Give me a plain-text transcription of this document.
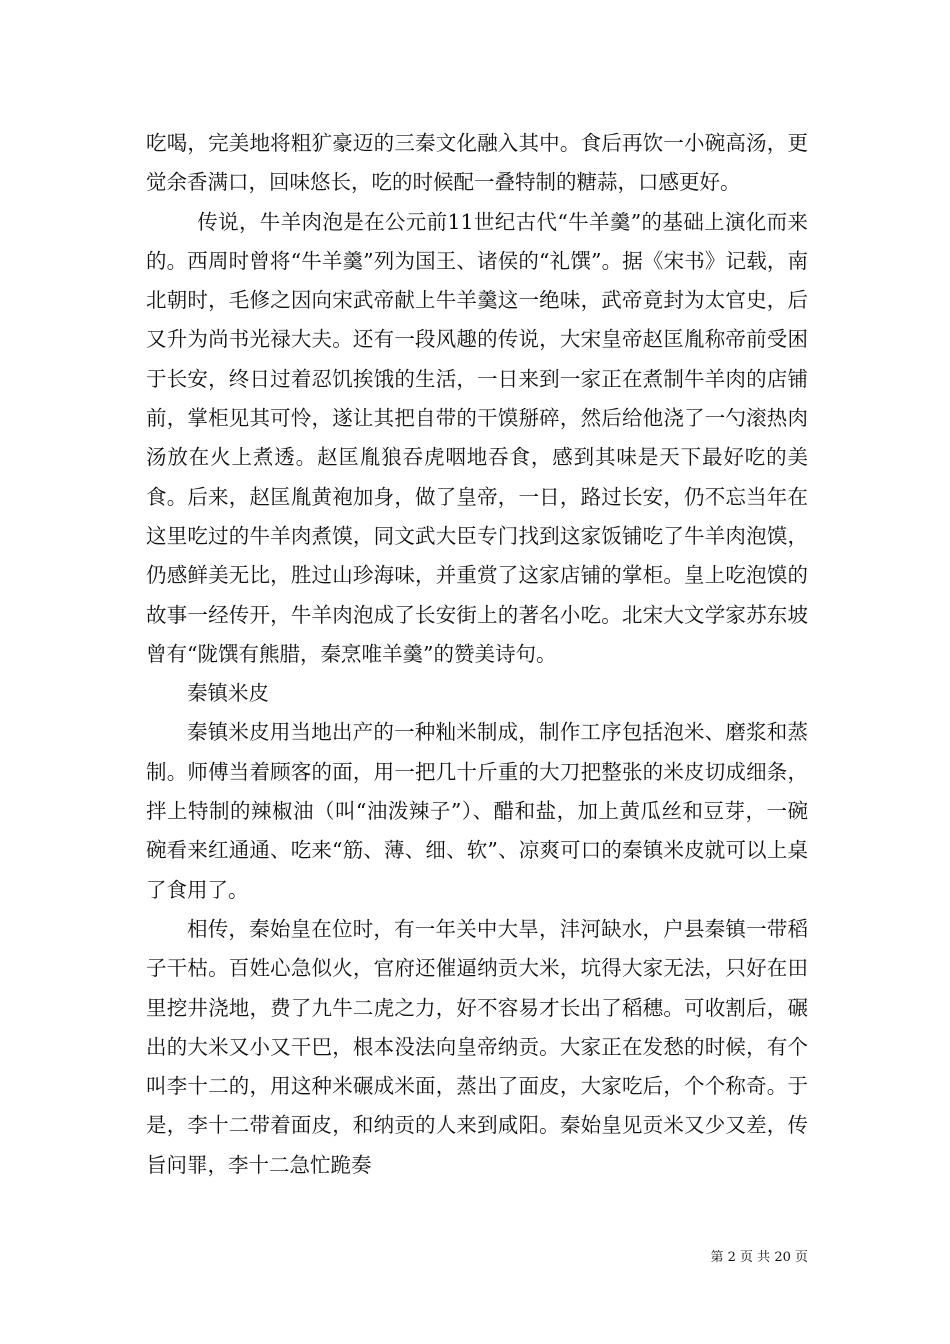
吃喝，完美地将粗犷豪迈的三秦文化融入其中。食后再饮一小碗高汤，更觉余香满口，回味悠长，吃的时候配一叠特制的糖蒜，口感更好。

传说，牛羊肉泡是在公元前11世纪古代“牛羊羹”的基础上演化而来的。西周时曾将“牛羊羹”列为国王、诸侯的“礼馔”。据《宋书》记载，南北朝时，毛修之因向宋武帝献上牛羊羹这一绝味，武帝竟封为太官史，后又升为尚书光禄大夫。还有一段风趣的传说，大宋皇帝赵匡胤称帝前受困于长安，终日过着忍饥挨饿的生活，一日来到一家正在煮制牛羊肉的店铺前，掌柜见其可怜，遂让其把自带的干馍掰碎，然后给他浇了一勺滚热肉汤放在火上煮透。赵匡胤狼吞虎咽地吞食，感到其味是天下最好吃的美食。后来，赵匡胤黄袍加身，做了皇帝，一日，路过长安，仍不忘当年在这里吃过的牛羊肉煮馍，同文武大臣专门找到这家饭铺吃了牛羊肉泡馍，仍感鲜美无比，胜过山珍海味，并重赏了这家店铺的掌柜。皇上吃泡馍的故事一经传开，牛羊肉泡成了长安街上的著名小吃。北宋大文学家苏东坡曾有“陇馔有熊腊，秦烹唯羊羹”的赞美诗句。

秦镇米皮

秦镇米皮用当地出产的一种籼米制成，制作工序包括泡米、磨浆和蒸制。师傅当着顾客的面，用一把几十斤重的大刀把整张的米皮切成细条，拌上特制的辣椒油（叫“油泼辣子”）、醋和盐，加上黄瓜丝和豆芽，一碗碗看来红通通、吃来“筋、薄、细、软”、凉爽可口的秦镇米皮就可以上桌了食用了。

相传，秦始皇在位时，有一年关中大旱，沣河缺水，户县秦镇一带稻子干枯。百姓心急似火，官府还催逼纳贡大米，坑得大家无法，只好在田里挖井浇地，费了九牛二虎之力，好不容易才长出了稻穗。可收割后，碾出的大米又小又干巴，根本没法向皇帝纳贡。大家正在发愁的时候，有个叫李十二的，用这种米碾成米面，蒸出了面皮，大家吃后，个个称奇。于是，李十二带着面皮，和纳贡的人来到咸阳。秦始皇见贡米又少又差，传旨问罪，李十二急忙跪奏

第 2 页 共 20 页
